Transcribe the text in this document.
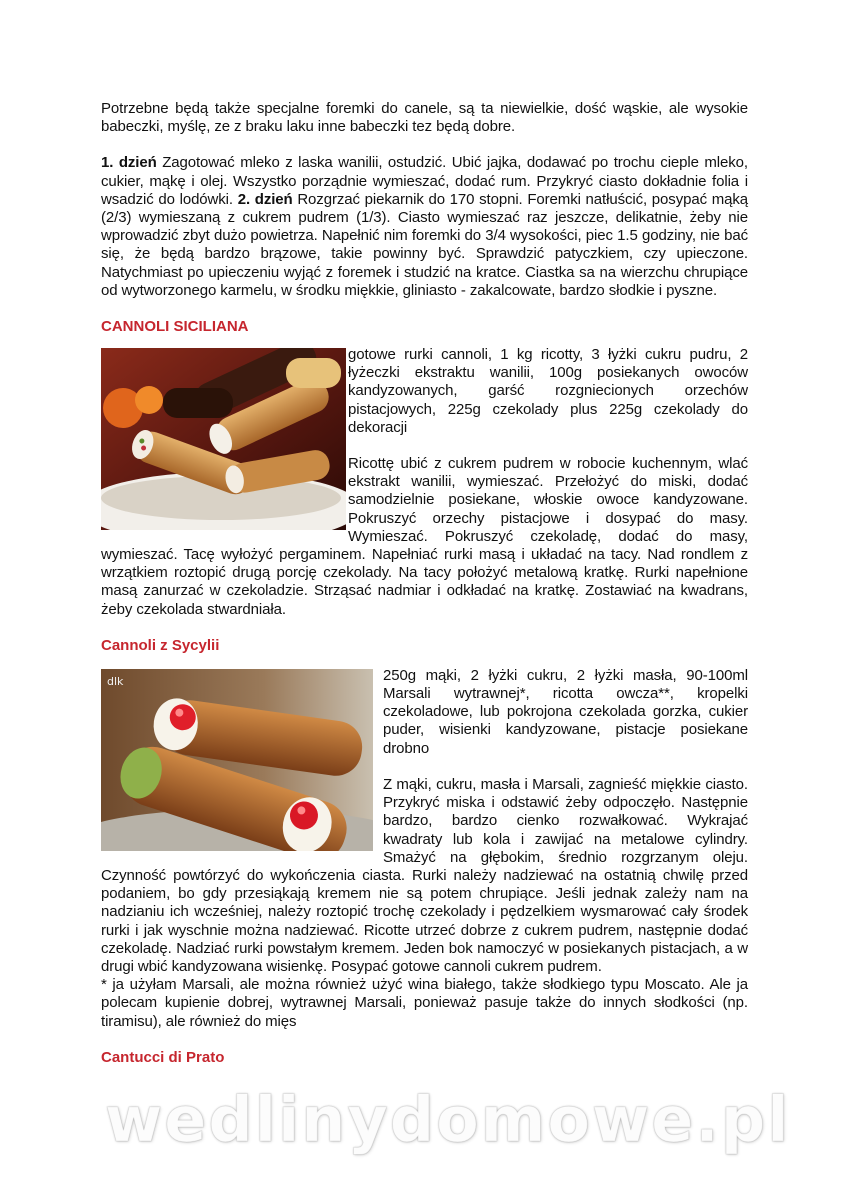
Potrzebne będą także specjalne foremki do canele, są ta niewielkie, dość wąskie, ale wysokie babeczki, myślę, ze z braku laku inne babeczki tez będą dobre.

1. dzień Zagotować mleko z laska wanilii, ostudzić. Ubić jajka, dodawać po trochu cieple mleko, cukier, mąkę i olej. Wszystko porządnie wymieszać, dodać rum. Przykryć ciasto dokładnie folia i wsadzić do lodówki. 2. dzień Rozgrzać piekarnik do 170 stopni. Foremki natłuścić, posypać mąką (2/3) wymieszaną z cukrem pudrem (1/3). Ciasto wymieszać raz jeszcze, delikatnie, żeby nie wprowadzić zbyt dużo powietrza. Napełnić nim foremki do 3/4 wysokości, piec 1.5 godziny, nie bać się, że będą bardzo brązowe, takie powinny być. Sprawdzić patyczkiem, czy upieczone. Natychmiast po upieczeniu wyjąć z foremek i studzić na kratce. Ciastka sa na wierzchu chrupiące od wytworzonego karmelu, w środku miękkie, gliniasto - zakalcowate, bardzo słodkie i pyszne.

CANNOLI SICILIANA

gotowe rurki cannoli, 1 kg ricotty, 3 łyżki cukru pudru, 2 łyżeczki ekstraktu wanilii, 100g posiekanych owoców kandyzowanych, garść rozgniecionych orzechów pistacjowych, 225g czekolady plus 225g czekolady do dekoracji

Ricottę ubić z cukrem pudrem w robocie kuchennym, wlać ekstrakt wanilii, wymieszać. Przełożyć do miski, dodać samodzielnie posiekane, włoskie owoce kandyzowane. Pokruszyć orzechy pistacjowe i dosypać do masy. Wymieszać. Pokruszyć czekoladę, dodać do masy, wymieszać. Tacę wyłożyć pergaminem. Napełniać rurki masą i układać na tacy. Nad rondlem z wrzątkiem roztopić drugą porcję czekolady. Na tacy położyć metalową kratkę. Rurki napełnione masą zanurzać w czekoladzie. Strząsać nadmiar i odkładać na kratkę. Zostawiać na kwadrans, żeby czekolada stwardniała.

Cannoli z Sycylii
dlk	250g mąki, 2 łyżki cukru, 2 łyżki masła, 90-100ml Marsali wytrawnej*, ricotta owcza**, kropelki czekoladowe, lub pokrojona czekolada gorzka, cukier puder, wisienki kandyzowane, pistacje posiekane drobno

Z mąki, cukru, masła i Marsali, zagnieść miękkie ciasto. Przykryć miska i odstawić żeby odpoczęło. Następnie bardzo, bardzo cienko rozwałkować. Wykrajać kwadraty lub kola i zawijać na metalowe cylindry. Smażyć na głębokim, średnio rozgrzanym oleju. Czynność powtórzyć do wykończenia ciasta. Rurki należy nadziewać na ostatnią chwilę przed podaniem, bo gdy przesiąkają kremem nie są potem chrupiące. Jeśli jednak zależy nam na nadzianiu ich wcześniej, należy roztopić trochę czekolady i pędzelkiem wysmarować cały środek rurki i jak wyschnie można nadziewać. Ricotte utrzeć dobrze z cukrem pudrem, następnie dodać czekoladę. Nadziać rurki powstałym kremem. Jeden bok namoczyć w posiekanych pistacjach, a w drugi wbić kandyzowana wisienkę. Posypać gotowe cannoli cukrem pudrem.

* ja użyłam Marsali, ale można również użyć wina białego, także słodkiego typu Moscato. Ale ja polecam kupienie dobrej, wytrawnej Marsali, ponieważ pasuje także do innych słodkości (np. tiramisu), ale również do mięs

Cantucci di Prato
wedlinydomowe.pl
